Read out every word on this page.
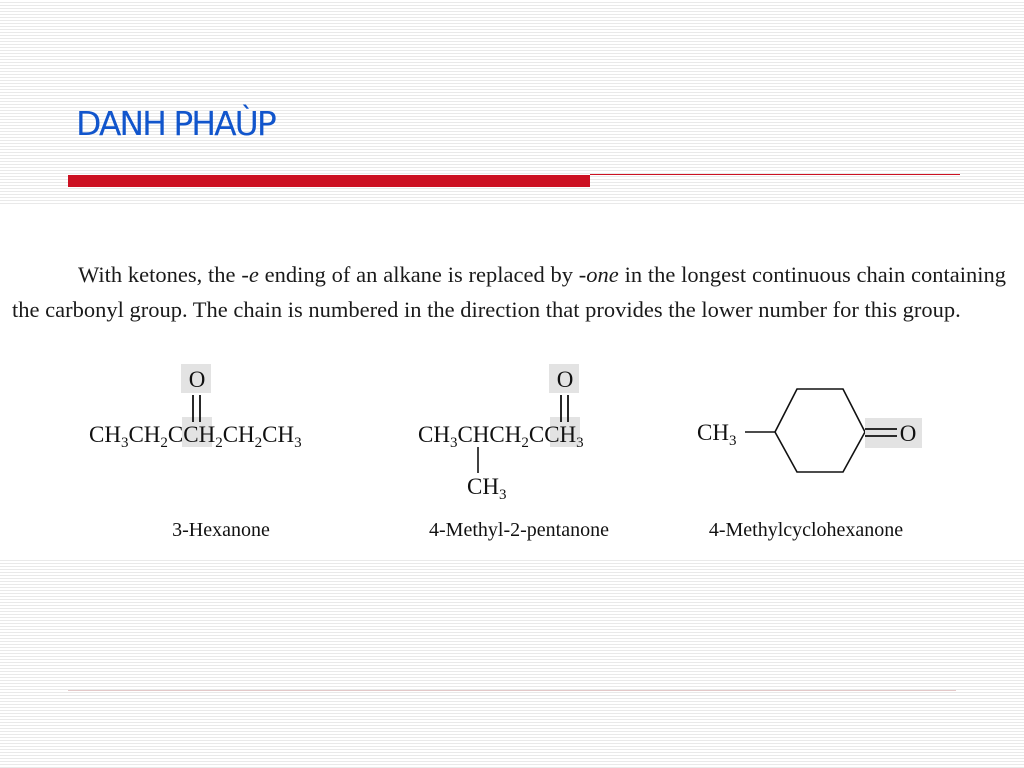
DANH PHAÙP

With ketones, the -e ending of an alkane is replaced by -one in the longest continuous chain containing the carbonyl group. The chain is numbered in the direction that provides the lower number for this group.

O
$CH_3CH_2CCH_2CH_2CH_3$
3-Hexanone
O
$CH_3CHCH_2CCH_3$
$CH_3$
4-Methyl-2-pentanone
$CH_3$	O
4-Methylcyclohexanone
